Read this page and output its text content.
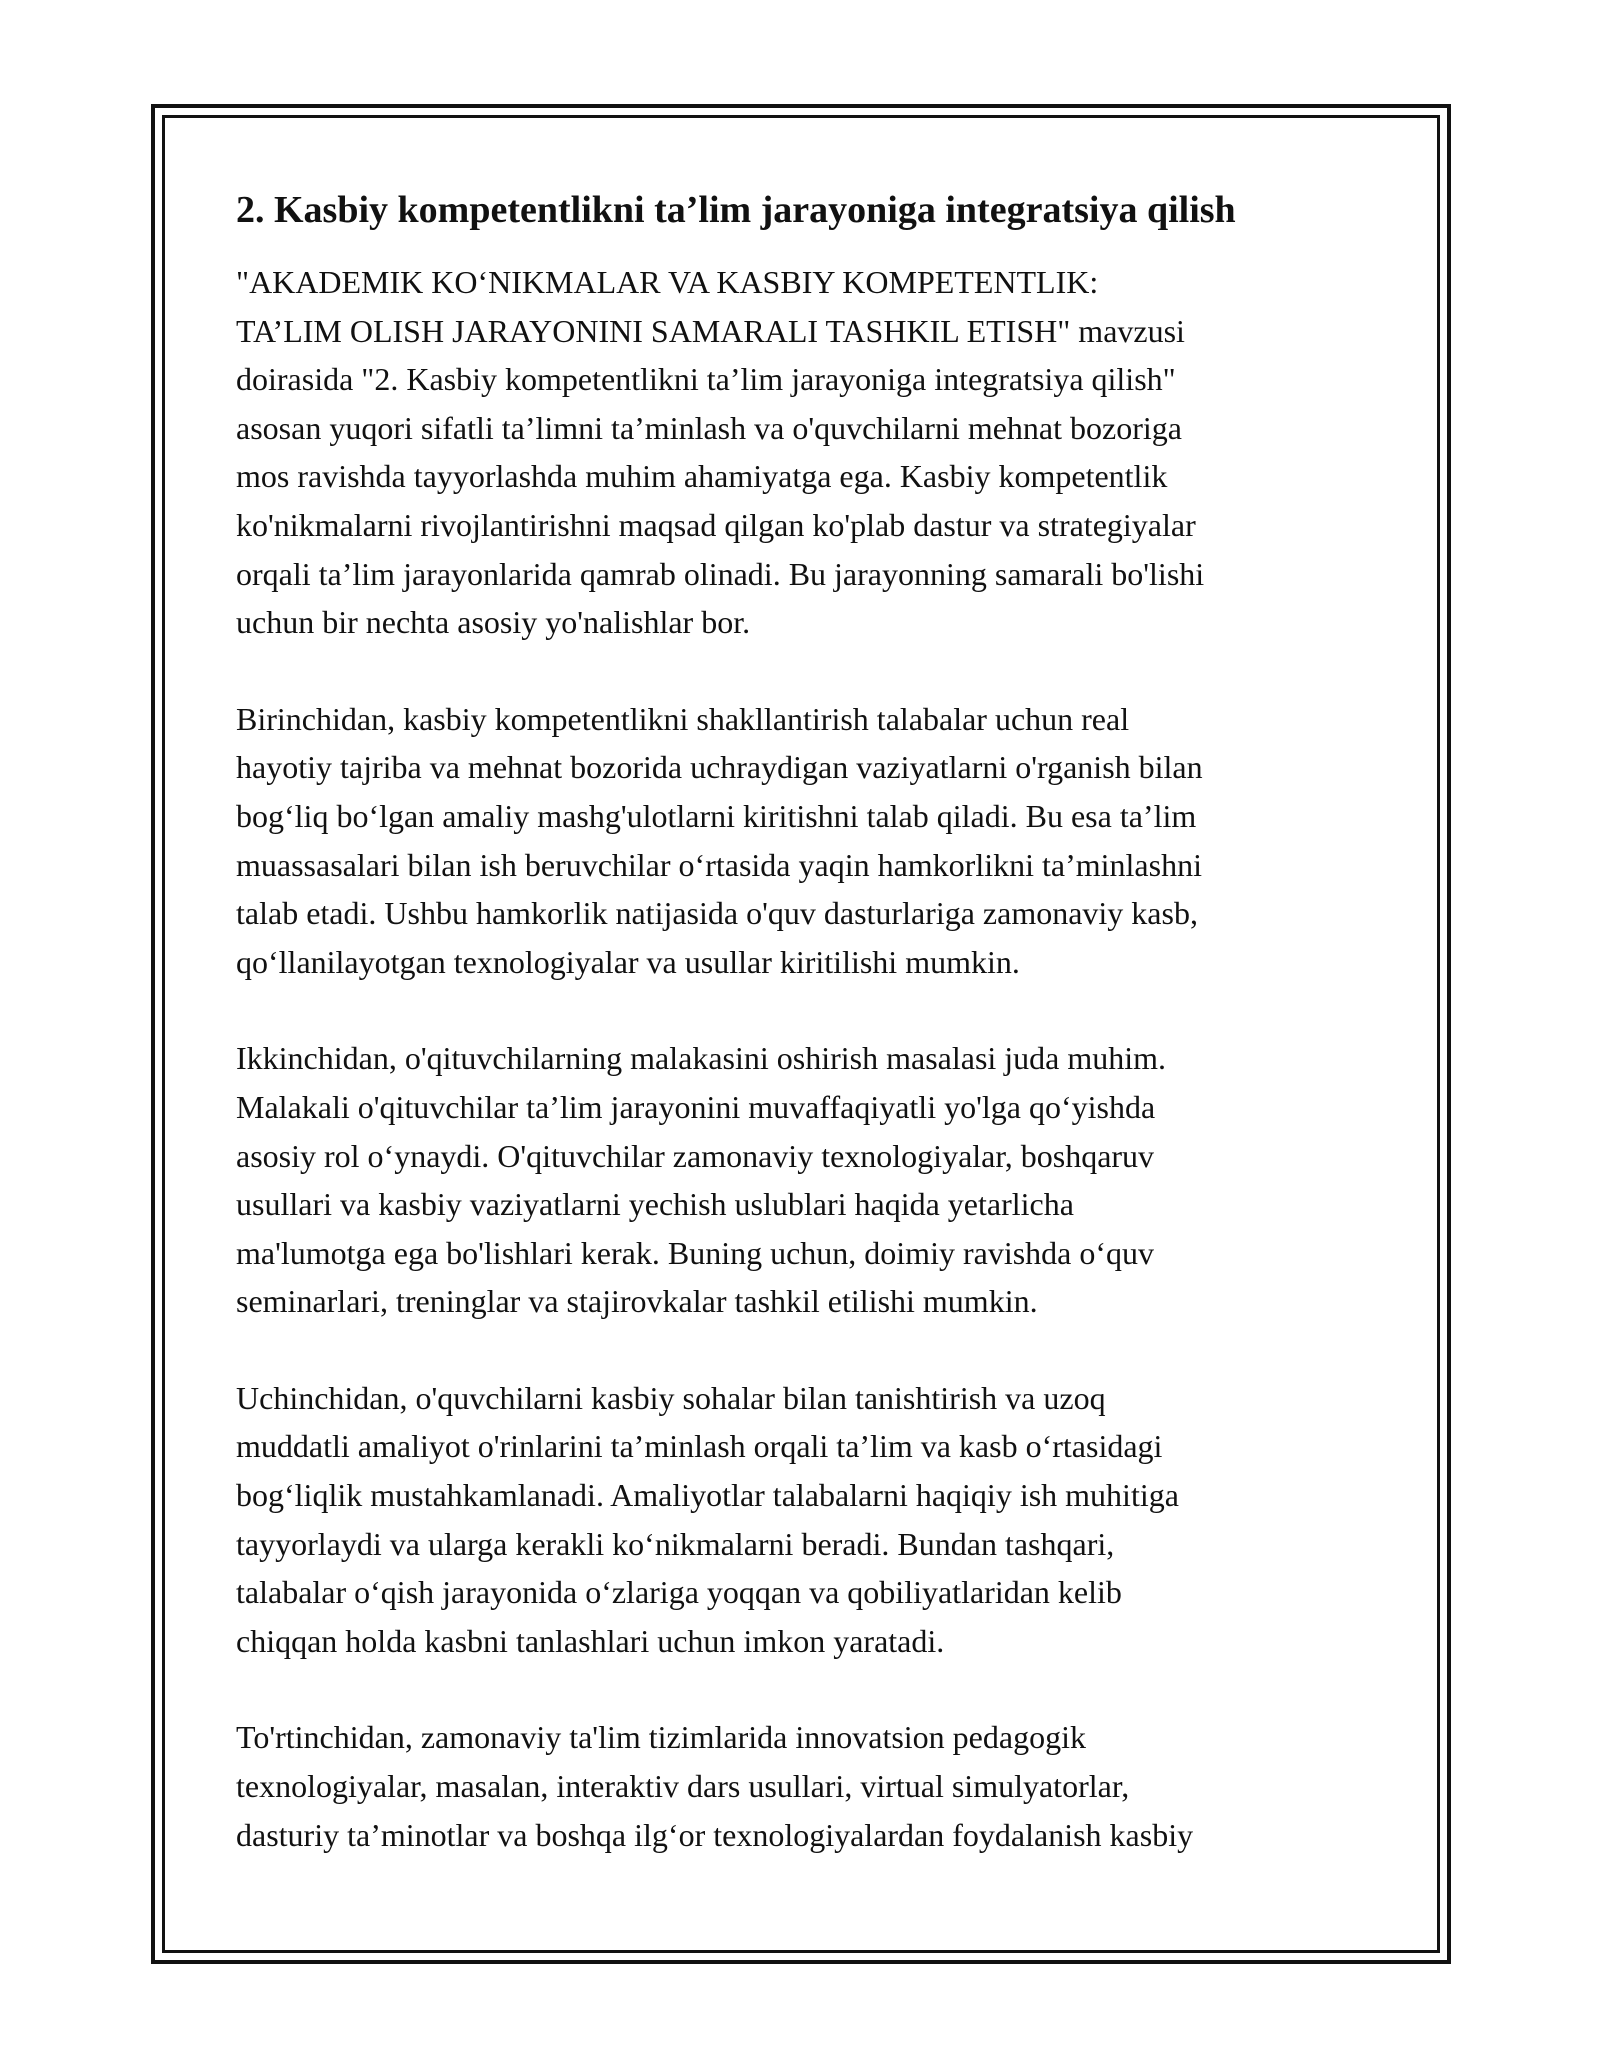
2. Kasbiy kompetentlikni ta’lim jarayoniga integratsiya qilish

"AKADEMIK KO‘NIKMALAR VA KASBIY KOMPETENTLIK:
TA’LIM OLISH JARAYONINI SAMARALI TASHKIL ETISH" mavzusi
doirasida "2. Kasbiy kompetentlikni ta’lim jarayoniga integratsiya qilish"
asosan yuqori sifatli ta’limni ta’minlash va o'quvchilarni mehnat bozoriga
mos ravishda tayyorlashda muhim ahamiyatga ega. Kasbiy kompetentlik
ko'nikmalarni rivojlantirishni maqsad qilgan ko'plab dastur va strategiyalar
orqali ta’lim jarayonlarida qamrab olinadi. Bu jarayonning samarali bo'lishi
uchun bir nechta asosiy yo'nalishlar bor.

Birinchidan, kasbiy kompetentlikni shakllantirish talabalar uchun real
hayotiy tajriba va mehnat bozorida uchraydigan vaziyatlarni o'rganish bilan
bog‘liq bo‘lgan amaliy mashg'ulotlarni kiritishni talab qiladi. Bu esa ta’lim
muassasalari bilan ish beruvchilar o‘rtasida yaqin hamkorlikni ta’minlashni
talab etadi. Ushbu hamkorlik natijasida o'quv dasturlariga zamonaviy kasb,
qo‘llanilayotgan texnologiyalar va usullar kiritilishi mumkin.

Ikkinchidan, o'qituvchilarning malakasini oshirish masalasi juda muhim.
Malakali o'qituvchilar ta’lim jarayonini muvaffaqiyatli yo'lga qo‘yishda
asosiy rol o‘ynaydi. O'qituvchilar zamonaviy texnologiyalar, boshqaruv
usullari va kasbiy vaziyatlarni yechish uslublari haqida yetarlicha
ma'lumotga ega bo'lishlari kerak. Buning uchun, doimiy ravishda o‘quv
seminarlari, treninglar va stajirovkalar tashkil etilishi mumkin.

Uchinchidan, o'quvchilarni kasbiy sohalar bilan tanishtirish va uzoq
muddatli amaliyot o'rinlarini ta’minlash orqali ta’lim va kasb o‘rtasidagi
bog‘liqlik mustahkamlanadi. Amaliyotlar talabalarni haqiqiy ish muhitiga
tayyorlaydi va ularga kerakli ko‘nikmalarni beradi. Bundan tashqari,
talabalar o‘qish jarayonida o‘zlariga yoqqan va qobiliyatlaridan kelib
chiqqan holda kasbni tanlashlari uchun imkon yaratadi.

To'rtinchidan, zamonaviy ta'lim tizimlarida innovatsion pedagogik
texnologiyalar, masalan, interaktiv dars usullari, virtual simulyatorlar,
dasturiy ta’minotlar va boshqa ilg‘or texnologiyalardan foydalanish kasbiy
